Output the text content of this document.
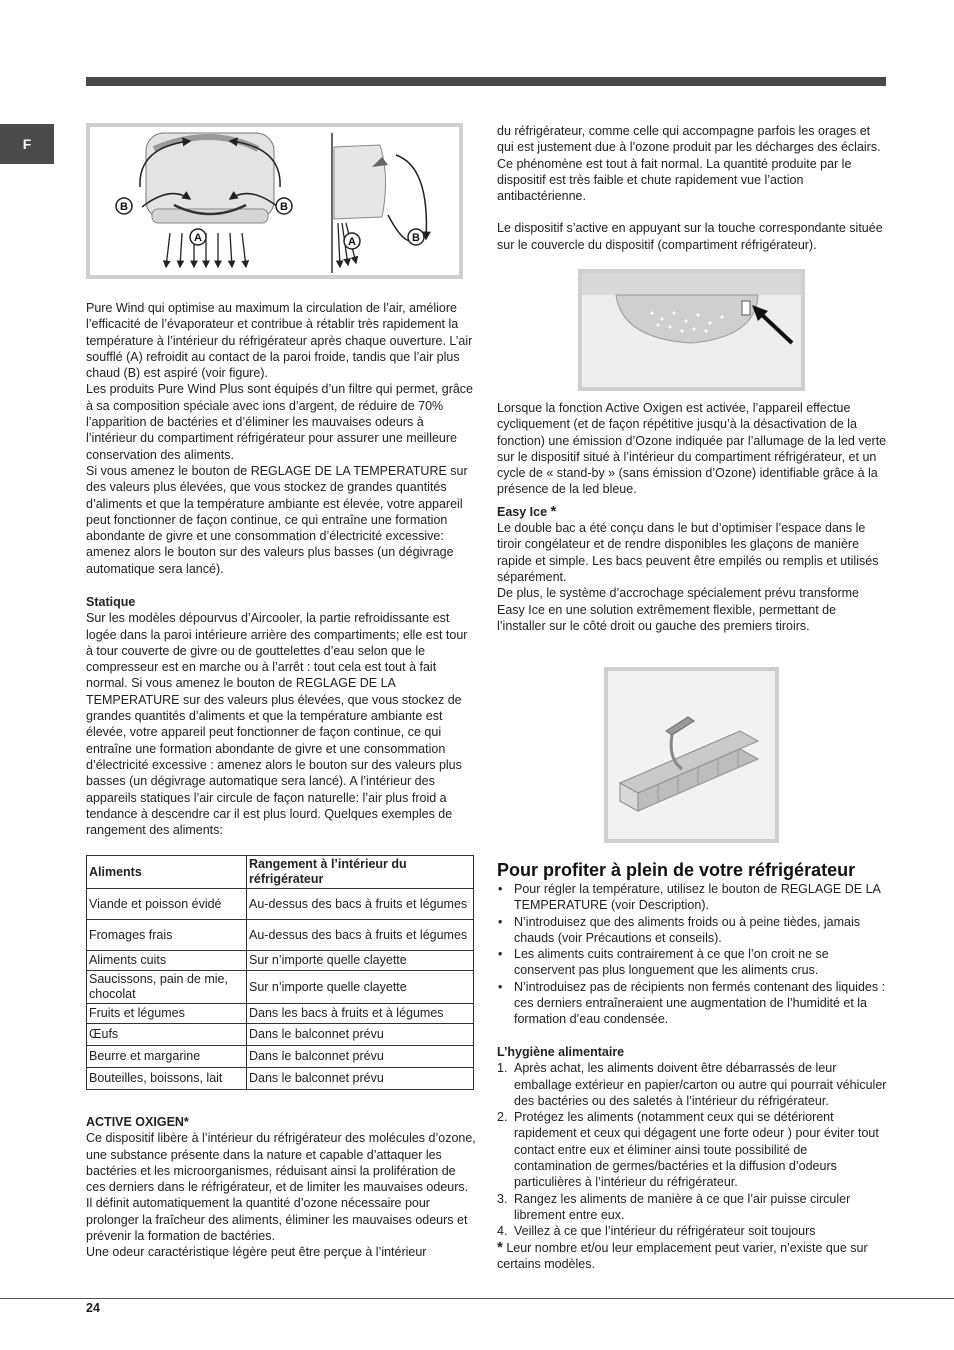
F
B	B
A	A	B

Pure Wind qui optimise au maximum la circulation de l’air, améliore l’efficacité de l’évaporateur et contribue à rétablir très rapidement la température à l’intérieur du réfrigérateur après chaque ouverture. L’air soufflé (A) refroidit au contact de la paroi froide, tandis que l’air plus chaud (B) est aspiré (voir figure).

Les produits Pure Wind Plus sont équipés d’un filtre qui permet, grâce à sa composition spéciale avec ions d’argent, de réduire de 70% l’apparition de bactéries et d’éliminer les mauvaises odeurs à l’intérieur du compartiment réfrigérateur pour assurer une meilleure conservation des aliments.

Si vous amenez le bouton de REGLAGE DE LA TEMPERATURE sur des valeurs plus élevées, que vous stockez de grandes quantités d’aliments et que la température ambiante est élevée, votre appareil peut fonctionner de façon continue, ce qui entraîne une formation abondante de givre et une consommation d’électricité excessive: amenez alors le bouton sur des valeurs plus basses (un dégivrage automatique sera lancé).

Statique

Sur les modèles dépourvus d’Aircooler, la partie refroidissante est logée dans la paroi intérieure arrière des compartiments; elle est tour à tour couverte de givre ou de gouttelettes d’eau selon que le compresseur est en marche ou à l’arrêt : tout cela est tout à fait normal. Si vous amenez le bouton de REGLAGE DE LA TEMPERATURE sur des valeurs plus élevées, que vous stockez de grandes quantités d’aliments et que la température ambiante est élevée, votre appareil peut fonctionner de façon continue, ce qui entraîne une formation abondante de givre et une consommation d’électricité excessive : amenez alors le bouton sur des valeurs plus basses (un dégivrage automatique sera lancé). A l’intérieur des appareils statiques l’air circule de façon naturelle: l’air plus froid a tendance à descendre car il est plus lourd. Quelques exemples de rangement des aliments:

Aliments	Rangement à l’intérieur du réfrigérateur
Viande et poisson évidé	Au-dessus des bacs à fruits et légumes
Fromages frais	Au-dessus des bacs à fruits et légumes
Aliments cuits	Sur n’importe quelle clayette
Saucissons, pain de mie, chocolat	Sur n’importe quelle clayette
Fruits et légumes	Dans les bacs à fruits et à légumes
Œufs	Dans le balconnet prévu
Beurre et margarine	Dans le balconnet prévu
Bouteilles, boissons, lait	Dans le balconnet prévu

ACTIVE OXIGEN*

Ce dispositif libère à l’intérieur du réfrigérateur des molécules d’ozone, une substance présente dans la nature et capable d’attaquer les bactéries et les microorganismes, réduisant ainsi la prolifération de ces derniers dans le réfrigérateur, et de limiter les mauvaises odeurs.

Il définit automatiquement la quantité d’ozone nécessaire pour prolonger la fraîcheur des aliments, éliminer les mauvaises odeurs et prévenir la formation de bactéries.

Une odeur caractéristique légère peut être perçue à l’intérieur

du réfrigérateur, comme celle qui accompagne parfois les orages et qui est justement due à l’ozone produit par les décharges des éclairs. Ce phénomène est tout à fait normal. La quantité produite par le dispositif est très faible et chute rapidement vue l’action antibactérienne.

Le dispositif s’active en appuyant sur la touche correspondante située sur le couvercle du dispositif (compartiment réfrigérateur).

Lorsque la fonction Active Oxigen est activée, l’appareil effectue cycliquement (et de façon répétitive jusqu’à la désactivation de la fonction) une émission d’Ozone indiquée par l’allumage de la led verte sur le dispositif situé à l’intérieur du compartiment réfrigérateur, et un cycle de « stand-by » (sans émission d’Ozone) identifiable grâce à la présence de la led bleue.

Easy Ice *

Le double bac a été conçu dans le but d’optimiser l’espace dans le tiroir congélateur et de rendre disponibles les glaçons de manière rapide et simple. Les bacs peuvent être empilés ou remplis et utilisés séparément.

De plus, le système d’accrochage spécialement prévu transforme Easy Ice en une solution extrêmement flexible, permettant de l’installer sur le côté droit ou gauche des premiers tiroirs.

Pour profiter à plein de votre réfrigérateur

• Pour régler la température, utilisez le bouton de REGLAGE DE LA TEMPERATURE (voir Description).
• N’introduisez que des aliments froids ou à peine tièdes, jamais chauds (voir Précautions et conseils).
• Les aliments cuits contrairement à ce que l’on croit ne se conservent pas plus longuement que les aliments crus.
• N’introduisez pas de récipients non fermés contenant des liquides : ces derniers entraîneraient une augmentation de l’humidité et la formation d’eau condensée.

L’hygiène alimentaire

1. Après achat, les aliments doivent être débarrassés de leur emballage extérieur en papier/carton ou autre qui pourrait véhiculer des bactéries ou des saletés à l’intérieur du réfrigérateur.
2. Protégez les aliments (notamment ceux qui se détériorent rapidement et ceux qui dégagent une forte odeur ) pour éviter tout contact entre eux et éliminer ainsi toute possibilité de contamination de germes/bactéries et la diffusion d’odeurs particulières à l’intérieur du réfrigérateur.
3. Rangez les aliments de manière à ce que l’air puisse circuler librement entre eux.
4. Veillez à ce que l’intérieur du réfrigérateur soit toujours

* Leur nombre et/ou leur emplacement peut varier, n’existe que sur certains modèles.

24
